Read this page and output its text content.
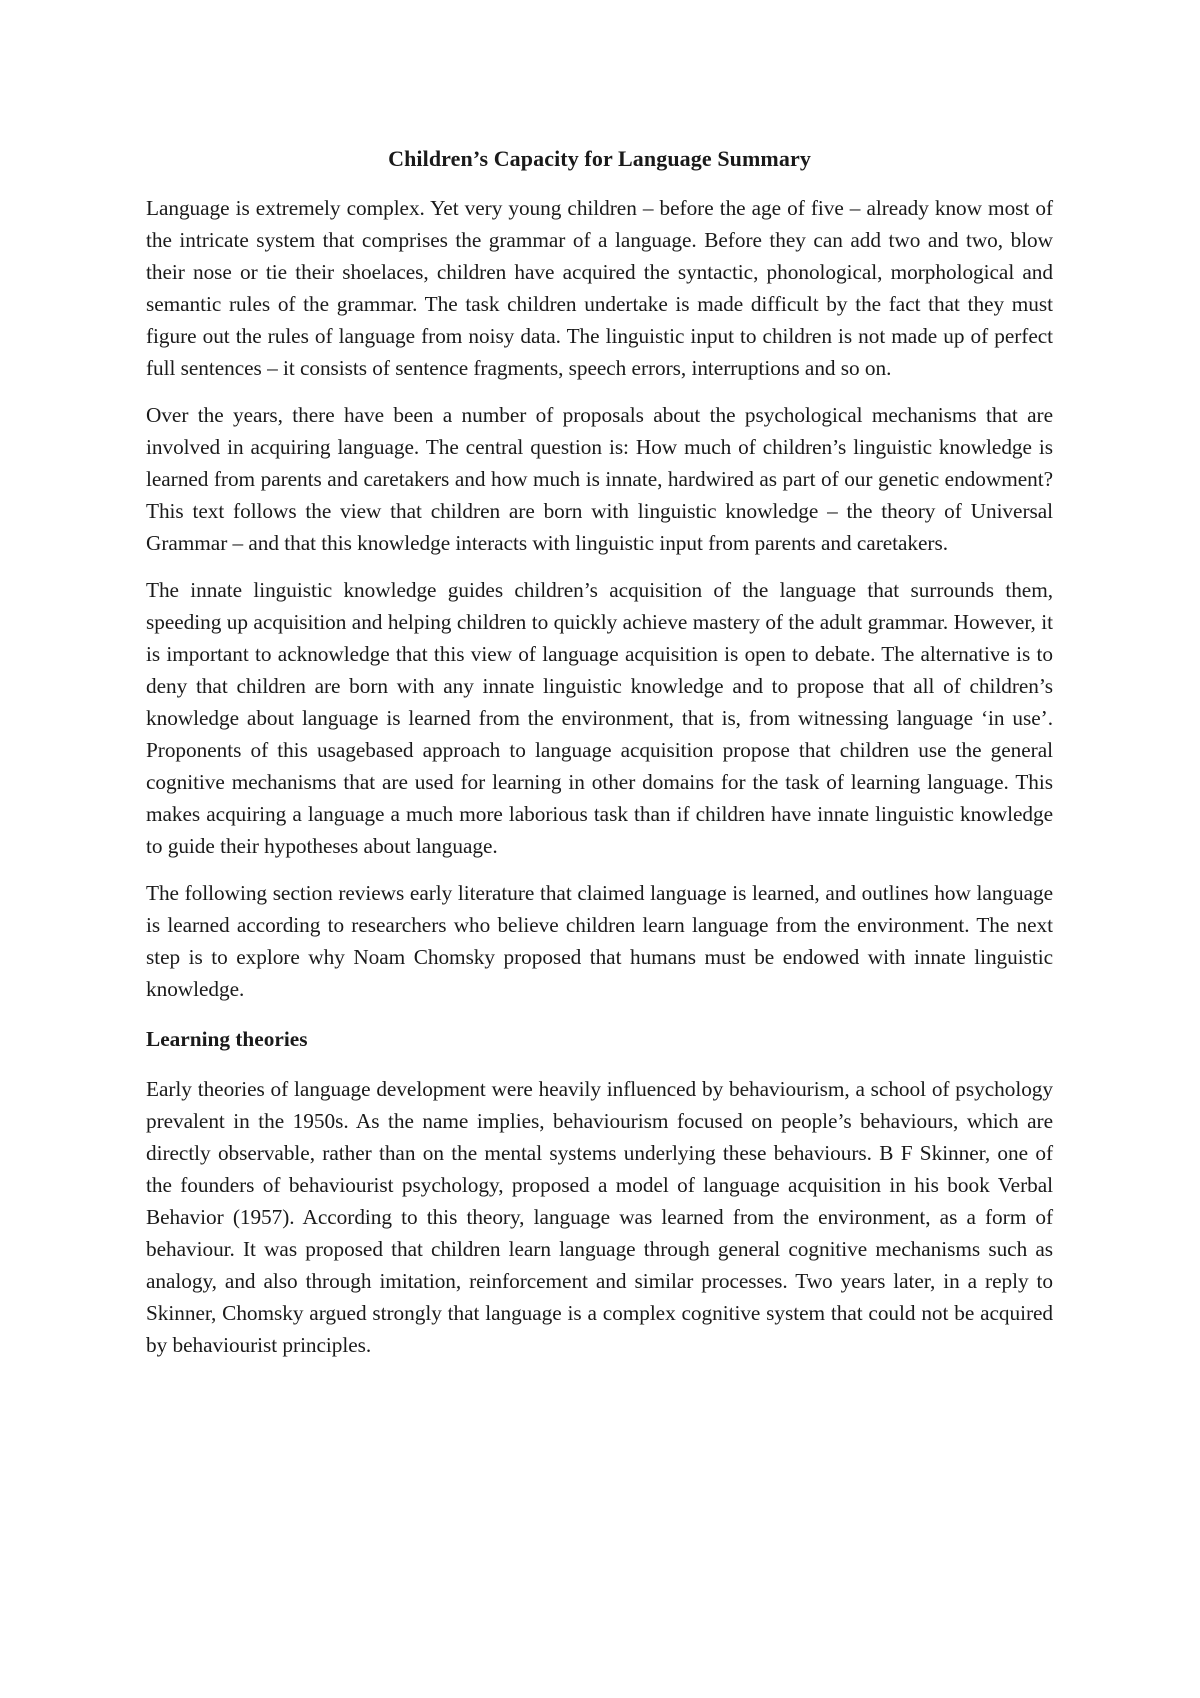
Children’s Capacity for Language Summary

Language is extremely complex. Yet very young children – before the age of five – already know most of the intricate system that comprises the grammar of a language. Before they can add two and two, blow their nose or tie their shoelaces, children have acquired the syntactic, phonological, morphological and semantic rules of the grammar. The task children undertake is made difficult by the fact that they must figure out the rules of language from noisy data. The linguistic input to children is not made up of perfect full sentences – it consists of sentence fragments, speech errors, interruptions and so on.

Over the years, there have been a number of proposals about the psychological mechanisms that are involved in acquiring language. The central question is: How much of children’s linguistic knowledge is learned from parents and caretakers and how much is innate, hardwired as part of our genetic endowment? This text follows the view that children are born with linguistic knowledge – the theory of Universal Grammar – and that this knowledge interacts with linguistic input from parents and caretakers.

The innate linguistic knowledge guides children’s acquisition of the language that surrounds them, speeding up acquisition and helping children to quickly achieve mastery of the adult grammar. However, it is important to acknowledge that this view of language acquisition is open to debate. The alternative is to deny that children are born with any innate linguistic knowledge and to propose that all of children’s knowledge about language is learned from the environment, that is, from witnessing language ‘in use’. Proponents of this usagebased approach to language acquisition propose that children use the general cognitive mechanisms that are used for learning in other domains for the task of learning language. This makes acquiring a language a much more laborious task than if children have innate linguistic knowledge to guide their hypotheses about language.

The following section reviews early literature that claimed language is learned, and outlines how language is learned according to researchers who believe children learn language from the environment. The next step is to explore why Noam Chomsky proposed that humans must be endowed with innate linguistic knowledge.

Learning theories

Early theories of language development were heavily influenced by behaviourism, a school of psychology prevalent in the 1950s. As the name implies, behaviourism focused on people’s behaviours, which are directly observable, rather than on the mental systems underlying these behaviours. B F Skinner, one of the founders of behaviourist psychology, proposed a model of language acquisition in his book Verbal Behavior (1957). According to this theory, language was learned from the environment, as a form of behaviour. It was proposed that children learn language through general cognitive mechanisms such as analogy, and also through imitation, reinforcement and similar processes. Two years later, in a reply to Skinner, Chomsky argued strongly that language is a complex cognitive system that could not be acquired by behaviourist principles.
